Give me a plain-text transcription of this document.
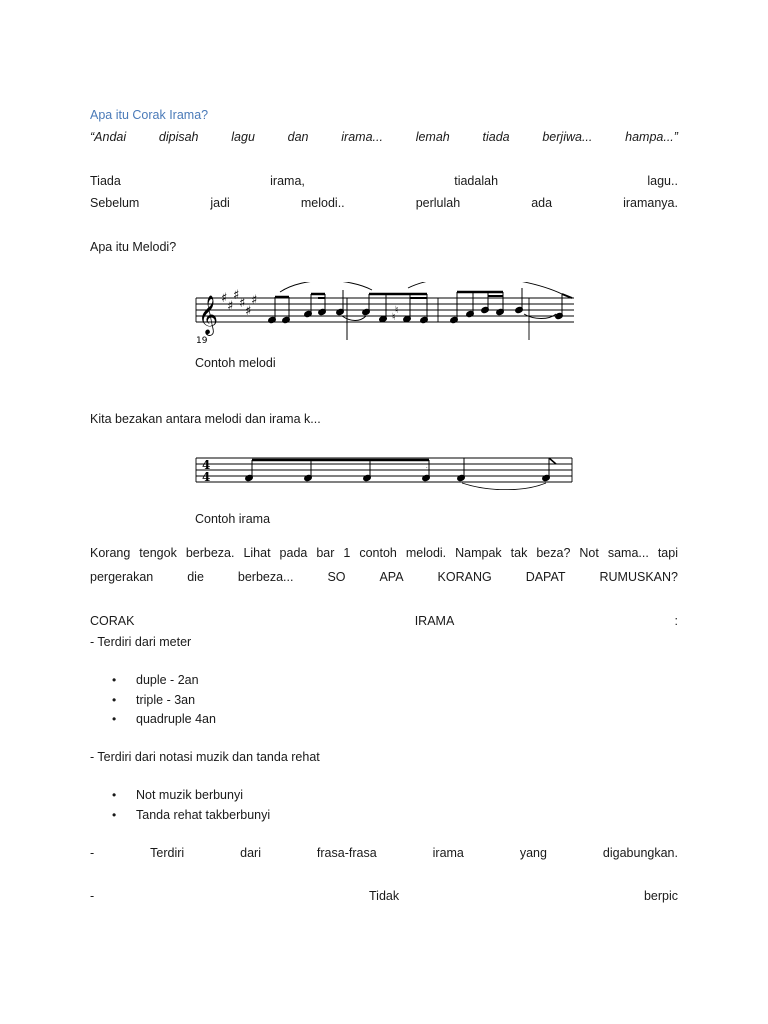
Apa itu Corak Irama?
“Andai	dipisah	lagu	dan	irama...	lemah	tiada	berjiwa...	hampa...”
Tiada	irama,	tiadalah	lagu..
Sebelum	jadi	melodi..	perlulah	ada	iramanya.
Apa itu Melodi?
𝄞
19
♯
♯
♯
♯
♯
♯
♮
♮
Contoh melodi
Kita bezakan antara melodi dan irama k...
4
4
.
Contoh irama
Korang tengok berbeza. Lihat pada bar 1 contoh melodi. Nampak tak beza? Not sama... tapi
pergerakan	die	berbeza...	SO	APA	KORANG	DAPAT	RUMUSKAN?
CORAK	IRAMA	:
- Terdiri dari meter
• duple - 2an
• triple - 3an
• quadruple 4an
- Terdiri dari notasi muzik dan tanda rehat
• Not muzik berbunyi
• Tanda rehat takberbunyi
-	Terdiri	dari	frasa-frasa	irama	yang	digabungkan.
-	Tidak	berpic
